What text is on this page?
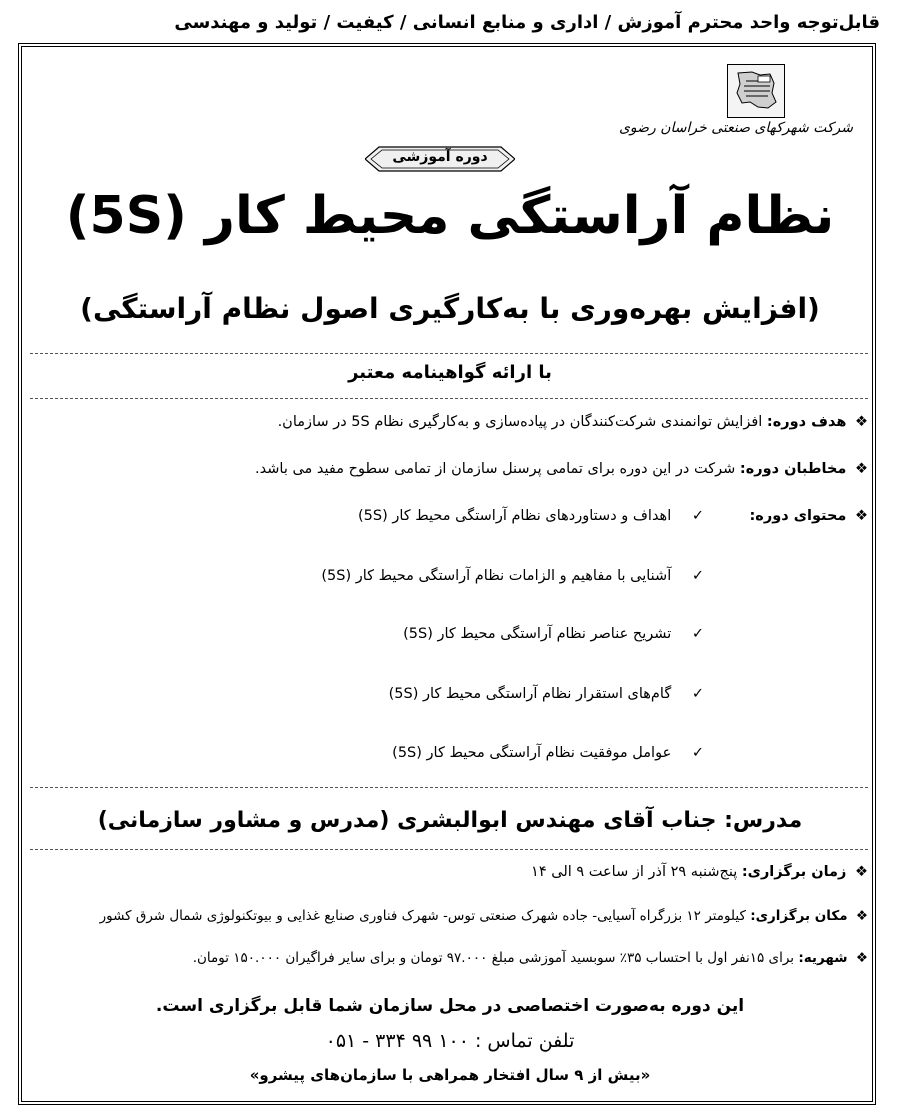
قابل‌توجه واحد محترم آموزش / اداری و منابع انسانی / کیفیت / تولید و مهندسی
شرکت شهرکهای صنعتی خراسان رضوی
دوره آموزشی
نظام آراستگی محیط کار (5S)
(افزایش بهره‌وری با به‌کارگیری اصول نظام آراستگی)
با ارائه گواهینامه معتبر
❖ هدف دوره: افزایش توانمندی شرکت‌کنندگان در پیاده‌سازی و به‌کارگیری نظام 5S در سازمان.
❖ مخاطبان دوره: شرکت در این دوره برای تمامی پرسنل سازمان از تمامی سطوح مفید می باشد.
❖ محتوای دوره:
✓ اهداف و دستاوردهای نظام آراستگی محیط کار (5S)
✓ آشنایی با مفاهیم و الزامات نظام آراستگی محیط کار (5S)
✓ تشریح عناصر نظام آراستگی محیط کار (5S)
✓ گام‌های استقرار نظام آراستگی محیط کار (5S)
✓ عوامل موفقیت نظام آراستگی محیط کار (5S)
مدرس: جناب آقای مهندس ابوالبشری (مدرس و مشاور سازمانی)
❖ زمان برگزاری: پنج‌شنبه ۲۹ آذر از ساعت ۹ الی ۱۴
❖ مکان برگزاری: کیلومتر ۱۲ بزرگراه آسیایی- جاده شهرک صنعتی توس- شهرک فناوری صنایع غذایی و بیوتکنولوژی شمال شرق کشور
❖ شهریه: برای ۱۵نفر اول با احتساب ۳۵٪ سوبسید آموزشی مبلغ ۹۷.۰۰۰ تومان و برای سایر فراگیران ۱۵۰.۰۰۰ تومان.
این دوره به‌صورت اختصاصی در محل سازمان شما قابل برگزاری است.
تلفن تماس : ۱۰۰ ۹۹ ۳۳۴ - ۰۵۱
«بیش از ۹ سال افتخار همراهی با سازمان‌های پیشرو»
